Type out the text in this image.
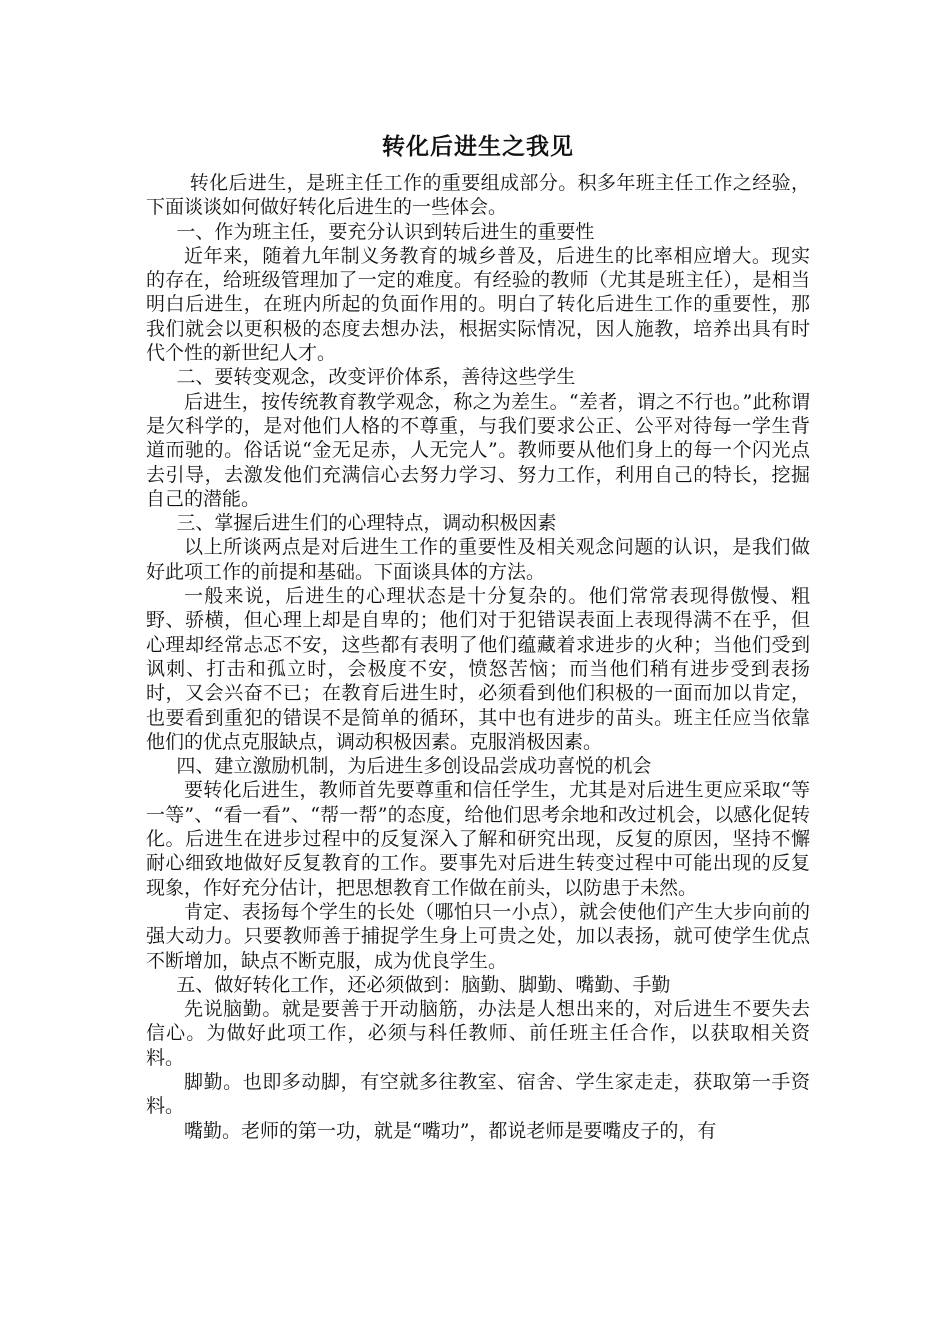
转化后进生之我见

转化后进生，是班主任工作的重要组成部分。积多年班主任工作之经验，下面谈谈如何做好转化后进生的一些体会。

一、作为班主任，要充分认识到转后进生的重要性

近年来，随着九年制义务教育的城乡普及，后进生的比率相应增大。现实的存在，给班级管理加了一定的难度。有经验的教师（尤其是班主任），是相当明白后进生，在班内所起的负面作用的。明白了转化后进生工作的重要性，那我们就会以更积极的态度去想办法，根据实际情况，因人施教，培养出具有时代个性的新世纪人才。

二、要转变观念，改变评价体系，善待这些学生

后进生，按传统教育教学观念，称之为差生。“差者，谓之不行也。”此称谓是欠科学的，是对他们人格的不尊重，与我们要求公正、公平对待每一学生背道而驰的。俗话说“金无足赤，人无完人”。教师要从他们身上的每一个闪光点去引导，去激发他们充满信心去努力学习、努力工作，利用自己的特长，挖掘自己的潜能。

三、掌握后进生们的心理特点，调动积极因素

以上所谈两点是对后进生工作的重要性及相关观念问题的认识，是我们做好此项工作的前提和基础。下面谈具体的方法。

一般来说，后进生的心理状态是十分复杂的。他们常常表现得傲慢、粗野、骄横，但心理上却是自卑的；他们对于犯错误表面上表现得满不在乎，但心理却经常忐忑不安，这些都有表明了他们蕴藏着求进步的火种；当他们受到讽刺、打击和孤立时，会极度不安，愤怒苦恼；而当他们稍有进步受到表扬时，又会兴奋不已；在教育后进生时，必须看到他们积极的一面而加以肯定，也要看到重犯的错误不是简单的循环，其中也有进步的苗头。班主任应当依靠他们的优点克服缺点，调动积极因素。克服消极因素。

四、建立激励机制，为后进生多创设品尝成功喜悦的机会

要转化后进生，教师首先要尊重和信任学生，尤其是对后进生更应采取“等一等”、“看一看”、“帮一帮”的态度，给他们思考余地和改过机会，以感化促转化。后进生在进步过程中的反复深入了解和研究出现，反复的原因，坚持不懈耐心细致地做好反复教育的工作。要事先对后进生转变过程中可能出现的反复现象，作好充分估计，把思想教育工作做在前头，以防患于未然。

肯定、表扬每个学生的长处（哪怕只一小点），就会使他们产生大步向前的强大动力。只要教师善于捕捉学生身上可贵之处，加以表扬，就可使学生优点不断增加，缺点不断克服，成为优良学生。

五、做好转化工作，还必须做到：脑勤、脚勤、嘴勤、手勤

先说脑勤。就是要善于开动脑筋，办法是人想出来的，对后进生不要失去信心。为做好此项工作，必须与科任教师、前任班主任合作，以获取相关资料。

脚勤。也即多动脚，有空就多往教室、宿舍、学生家走走，获取第一手资料。

嘴勤。老师的第一功，就是“嘴功”，都说老师是要嘴皮子的，有
